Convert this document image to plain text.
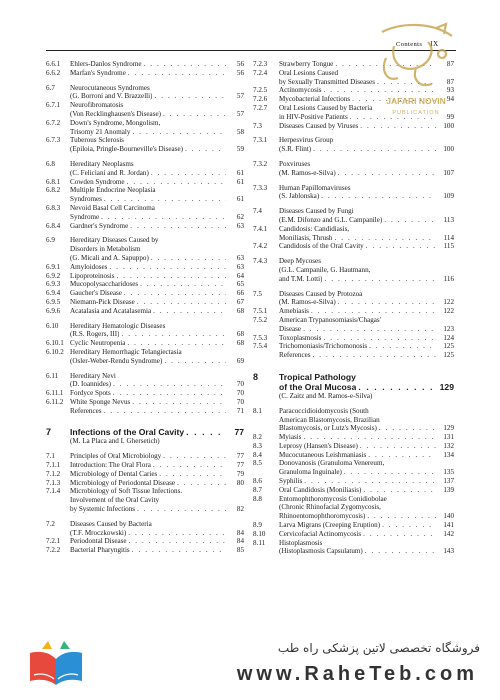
Contents IX
6.6.1	Ehlers-Danlos Syndrome . . .	56
6.6.2	Marfan's Syndrome . . .	56
6.7	Neurocutaneous Syndromes
(G. Borroni and V. Brazzelli) . . .	57
6.7.1	Neurofibromatosis
(Von Recklinghausen's Disease) . . .	57
6.7.2	Down's Syndrome, Mongolism,
Trisomy 21 Anomaly . . .	58
6.7.3	Tuberous Sclerosis
(Epiloia, Pringle-Bourneville's Disease) . . .	59
6.8	Hereditary Neoplasms
(C. Feliciani and R. Jordan) . . .	61
6.8.1	Cowden Syndrome . . .	61
6.8.2	Multiple Endocrine Neoplasia
Syndromes . . .	61
6.8.3	Nevoid Basal Cell Carcinoma
Syndrome . . .	62
6.8.4	Gardner's Syndrome . . .	63
6.9	Hereditary Diseases Caused by
Disorders in Metabolism
(G. Micali and A. Sapuppo) . . .	63
6.9.1	Amyloidoses . . .	63
6.9.2	Lipoproteinosis . . .	64
6.9.3	Mucopolysaccharidoses . . .	65
6.9.4	Gaucher's Disease . . .	66
6.9.5	Niemann-Pick Disease . . .	67
6.9.6	Acatalasia and Acatalasemia . . .	68
6.10	Hereditary Hematologic Diseases
(R.S. Rogers, III) . . .	68
6.10.1 Cyclic Neutropenia . . .	68
6.10.2 Hereditary Hemorrhagic Telangiectasia
(Osler-Weber-Rendu Syndrome) . . .	69
6.11	Hereditary Nevi
(D. Ioannides) . . .	70
6.11.1 Fordyce Spots . . .	70
6.11.2 White Sponge Nevus . . .	70
References . . .	71
7	Infections of the Oral Cavity . . .	77
(M. La Placa and I. Ghersetich)
7.1	Principles of Oral Microbiology . . .	77
7.1.1	Introduction: The Oral Flora . . .	77
7.1.2	Microbiology of Dental Caries . . .	79
7.1.3	Microbiology of Periodontal Disease . . .	80
7.1.4	Microbiology of Soft Tissue Infections.
Involvement of the Oral Cavity
by Systemic Infections . . .	82
7.2	Diseases Caused by Bacteria
(T.F. Mroczkowski) . . .	84
7.2.1	Periodontal Disease . . .	84
7.2.2	Bacterial Pharyngitis . . .	85
7.2.3	Strawberry Tongue . . .	87
7.2.4	Oral Lesions Caused
by Sexually Transmitted Diseases . . .	87
7.2.5	Actinomycosis . . .	93
7.2.6	Mycobacterial Infections . . .	94
7.2.7	Oral Lesions Caused by Bacteria
in HIV-Positive Patients . . .	99
7.3	Diseases Caused by Viruses . . .	100
7.3.1	Herpesvirus Group
(S.R. Flint) . . .	100
7.3.2	Poxviruses
(M. Ramos-e-Silva) . . .	107
7.3.3	Human Papillomaviruses
(S. Jablonska) . . .	109
7.4	Diseases Caused by Fungi
(E.M. Difonzo and G.L. Campanile) . . .	113
7.4.1	Candidosis: Candidiasis,
Moniliasis, Thrush . . .	114
7.4.2	Candidosis of the Oral Cavity . . .	115
7.4.3	Deep Mycoses
(G.L. Campanile, G. Hautmann,
and T.M. Lotti) . . .	116
7.5	Diseases Caused by Protozoa
(M. Ramos-e-Silva) . . .	122
7.5.1	Amebiasis . . .	122
7.5.2	American Trypanosomiasis/Chagas'
Disease . . .	123
7.5.3	Toxoplasmosis . . .	124
7.5.4	Trichomoniasis/Trichomonosis . . .	125
References . . .	125
8	Tropical Pathology
of the Oral Mucosa . . .	129
(C. Zaitz and M. Ramos-e-Silva)
8.1	Paracoccidioidomycosis (South
American Blastomycosis, Brazilian
Blastomycosis, or Lutz's Mycosis) . . .	129
8.2	Myiasis . . .	131
8.3	Leprosy (Hansen's Disease) . . .	132
8.4	Mucocutaneous Leishmaniasis . . .	134
8.5	Donovanosis (Granuloma Venereum,
Granuloma Inguinale) . . .	135
8.6	Syphilis . . .	137
8.7	Oral Candidosis (Moniliasis) . . .	139
8.8	Entomophthoromycosis Conidiobolae
(Chronic Rhinofacial Zygomycosis,
Rhinoentomophthoromycosis) . . .	140
8.9	Larva Migrans (Creeping Eruption) . . .	141
8.10	Cervicofacial Actinomycosis . . .	142
8.11	Histoplasmosis
(Histoplasmosis Capsulatum) . . .	143
JAFARI NOVIN
PUBLICATION
فروشگاه تخصصی لاتین پزشکی راه طب
www.RaheTeb.com
